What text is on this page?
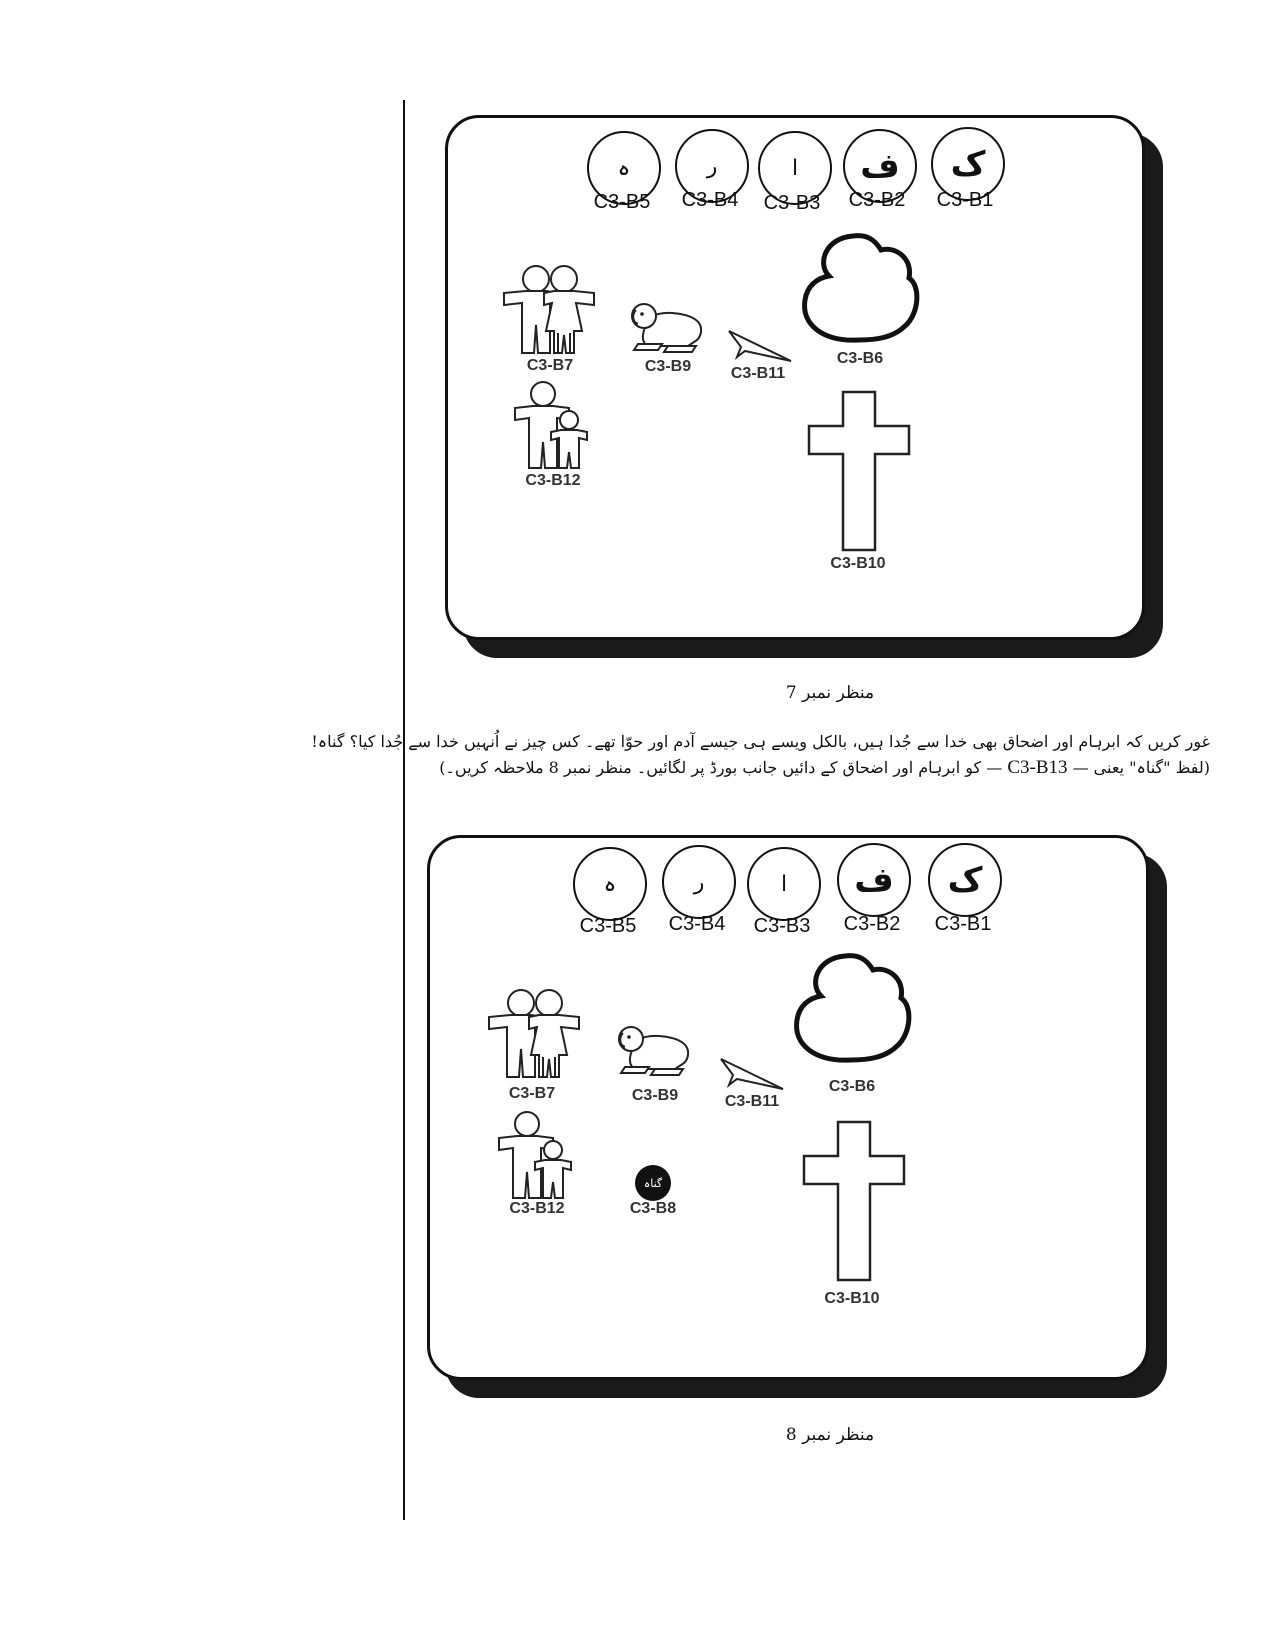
ہ
C3-B5
ر
C3-B4
ا
C3-B3
ف
C3-B2
ک
C3-B1
C3-B7	C3-B9	C3-B11
C3-B6
C3-B12
C3-B10
منظر نمبر 7
غور کریں کہ ابرہام اور اضحاق بھی خدا سے جُدا ہیں، بالکل ویسے ہی جیسے آدم اور حوّا تھے۔ کس چیز نے اُنہیں خدا سے جُدا کیا؟ گناہ!
(لفظ "گناہ" یعنی — C3-B13 — کو ابرہام اور اضحاق کے دائیں جانب بورڈ پر لگائیں۔ منظر نمبر 8 ملاحظہ کریں۔)
ہ
C3-B5
ر
C3-B4
ا
C3-B3
ف
C3-B2
ک
C3-B1
C3-B7	C3-B9	C3-B11
C3-B6
C3-B12
گناہ
C3-B8
C3-B10
منظر نمبر 8
